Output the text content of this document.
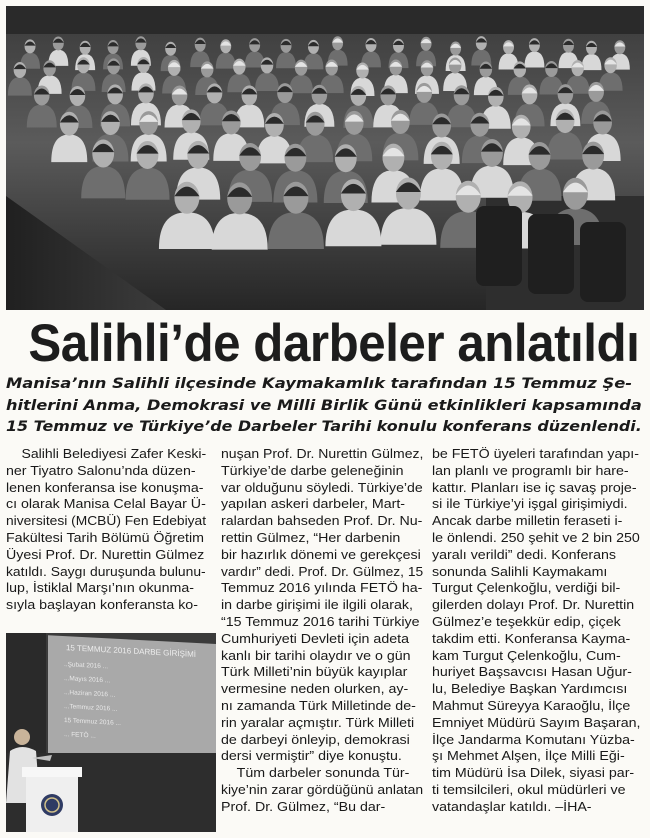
Salihli’de darbeler anlatıldı
Manisa’nın Salihli ilçesinde Kaymakamlık tarafından 15 Temmuz Şe-
hitlerini Anma, Demokrasi ve Milli Birlik Günü etkinlikleri kapsamında
15 Temmuz ve Türkiye’de Darbeler Tarihi konulu konferans düzenlendi.
Salihli Belediyesi Zafer Keski-
ner Tiyatro Salonu’nda düzen-
lenen konferansa ise konuşma-
cı olarak Manisa Celal Bayar Ü-
niversitesi (MCBÜ) Fen Edebiyat
Fakültesi Tarih Bölümü Öğretim
Üyesi Prof. Dr. Nurettin Gülmez
katıldı. Saygı duruşunda bulunu-
lup, İstiklal Marşı’nın okunma-
sıyla başlayan konferansta ko-
15 TEMMUZ 2016 DARBE GİRİŞİMİ
..Şubat 2016 ...
...Mayıs 2016 ...
...Haziran 2016 ...
...Temmuz 2016 ...
15 Temmuz 2016 ...
... FETÖ ...
nuşan Prof. Dr. Nurettin Gülmez,
Türkiye’de darbe geleneğinin
var olduğunu söyledi. Türkiye’de
yapılan askeri darbeler, Mart-
ralardan bahseden Prof. Dr. Nu-
rettin Gülmez, “Her darbenin
bir hazırlık dönemi ve gerekçesi
vardır” dedi. Prof. Dr. Gülmez, 15
Temmuz 2016 yılında FETÖ ha-
in darbe girişimi ile ilgili olarak,
“15 Temmuz 2016 tarihi Türkiye
Cumhuriyeti Devleti için adeta
kanlı bir tarihi olaydır ve o gün
Türk Milleti’nin büyük kayıplar
vermesine neden olurken, ay-
nı zamanda Türk Milletinde de-
rin yaralar açmıştır. Türk Milleti
de darbeyi önleyip, demokrasi
dersi vermiştir” diye konuştu.
Tüm darbeler sonunda Tür-
kiye’nin zarar gördüğünü anlatan
Prof. Dr. Gülmez, “Bu dar-
be FETÖ üyeleri tarafından yapı-
lan planlı ve programlı bir hare-
kattır. Planları ise iç savaş proje-
si ile Türkiye’yi işgal girişimiydi.
Ancak darbe milletin feraseti i-
le önlendi. 250 şehit ve 2 bin 250
yaralı verildi” dedi. Konferans
sonunda Salihli Kaymakamı
Turgut Çelenkoğlu, verdiği bil-
gilerden dolayı Prof. Dr. Nurettin
Gülmez’e teşekkür edip, çiçek
takdim etti. Konferansa Kayma-
kam Turgut Çelenkoğlu, Cum-
huriyet Başsavcısı Hasan Uğur-
lu, Belediye Başkan Yardımcısı
Mahmut Süreyya Karaoğlu, İlçe
Emniyet Müdürü Sayım Başaran,
İlçe Jandarma Komutanı Yüzba-
şı Mehmet Alşen, İlçe Milli Eği-
tim Müdürü İsa Dilek, siyasi par-
ti temsilcileri, okul müdürleri ve
vatandaşlar katıldı. –İHA-
